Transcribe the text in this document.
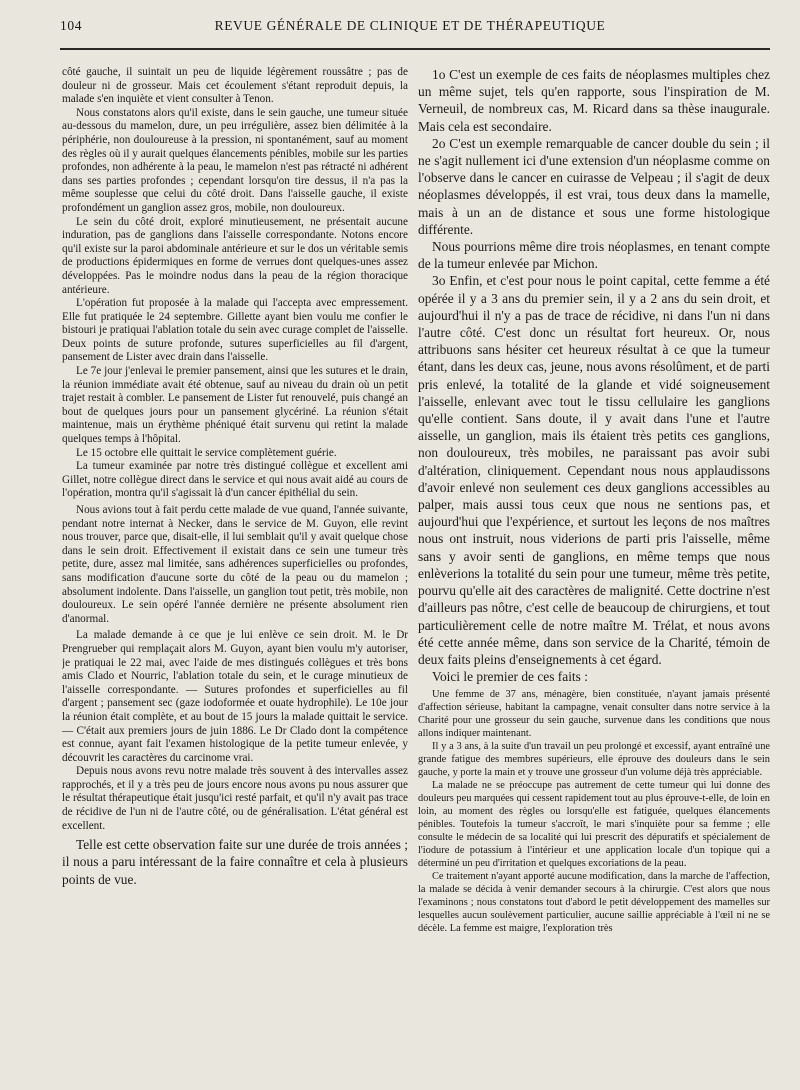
104	REVUE GÉNÉRALE DE CLINIQUE ET DE THÉRAPEUTIQUE

côté gauche, il suintait un peu de liquide légèrement roussâtre ; pas de douleur ni de grosseur. Mais cet écoulement s'étant reproduit depuis, la malade s'en inquiète et vient consulter à Tenon.

Nous constatons alors qu'il existe, dans le sein gauche, une tumeur située au-dessous du mamelon, dure, un peu irrégulière, assez bien délimitée à la périphérie, non douloureuse à la pression, ni spontanément, sauf au moment des règles où il y aurait quelques élancements pénibles, mobile sur les parties profondes, non adhérente à la peau, le mamelon n'est pas rétracté ni adhérent dans ses parties profondes ; cependant lorsqu'on tire dessus, il n'a pas la même souplesse que celui du côté droit. Dans l'aisselle gauche, il existe profondément un ganglion assez gros, mobile, non douloureux.

Le sein du côté droit, exploré minutieusement, ne présentait aucune induration, pas de ganglions dans l'aisselle correspondante. Notons encore qu'il existe sur la paroi abdominale antérieure et sur le dos un véritable semis de productions épidermiques en forme de verrues dont quelques-unes assez développées. Pas le moindre nodus dans la peau de la région thoracique antérieure.

L'opération fut proposée à la malade qui l'accepta avec empressement. Elle fut pratiquée le 24 septembre. Gillette ayant bien voulu me confier le bistouri je pratiquai l'ablation totale du sein avec curage complet de l'aisselle. Deux points de suture profonde, sutures superficielles au fil d'argent, pansement de Lister avec drain dans l'aisselle.

Le 7e jour j'enlevai le premier pansement, ainsi que les sutures et le drain, la réunion immédiate avait été obtenue, sauf au niveau du drain où un petit trajet restait à combler. Le pansement de Lister fut renouvelé, puis changé an bout de quelques jours pour un pansement glycériné. La réunion s'était maintenue, mais un érythème phéniqué était survenu qui retint la malade quelques temps à l'hôpital.

Le 15 octobre elle quittait le service complètement guérie.

La tumeur examinée par notre très distingué collègue et excellent ami Gillet, notre collègue direct dans le service et qui nous avait aidé au cours de l'opération, montra qu'il s'agissait là d'un cancer épithélial du sein.

Nous avions tout à fait perdu cette malade de vue quand, l'année suivante, pendant notre internat à Necker, dans le service de M. Guyon, elle revint nous trouver, parce que, disait-elle, il lui semblait qu'il y avait quelque chose dans le sein droit. Effectivement il existait dans ce sein une tumeur très petite, dure, assez mal limitée, sans adhérences superficielles ou profondes, sans modification d'aucune sorte du côté de la peau ou du mamelon ; absolument indolente. Dans l'aisselle, un ganglion tout petit, très mobile, non douloureux. Le sein opéré l'année dernière ne présente absolument rien d'anormal.

La malade demande à ce que je lui enlève ce sein droit. M. le Dr Prengrueber qui remplaçait alors M. Guyon, ayant bien voulu m'y autoriser, je pratiquai le 22 mai, avec l'aide de mes distingués collègues et très bons amis Clado et Nourric, l'ablation totale du sein, et le curage minutieux de l'aisselle correspondante. — Sutures profondes et superficielles au fil d'argent ; pansement sec (gaze iodoformée et ouate hydrophile). Le 10e jour la réunion était complète, et au bout de 15 jours la malade quittait le service. — C'était aux premiers jours de juin 1886. Le Dr Clado dont la compétence est connue, ayant fait l'examen histologique de la petite tumeur enlevée, y découvrit les caractères du carcinome vrai.

Depuis nous avons revu notre malade très souvent à des intervalles assez rapprochés, et il y a très peu de jours encore nous avons pu nous assurer que le résultat thérapeutique était jusqu'ici resté parfait, et qu'il n'y avait pas trace de récidive de l'un ni de l'autre côté, ou de généralisation. L'état général est excellent.

Telle est cette observation faite sur une durée de trois années ; il nous a paru intéressant de la faire connaître et cela à plusieurs points de vue.

1o C'est un exemple de ces faits de néoplasmes multiples chez un même sujet, tels qu'en rapporte, sous l'inspiration de M. Verneuil, de nombreux cas, M. Ricard dans sa thèse inaugurale. Mais cela est secondaire.

2o C'est un exemple remarquable de cancer double du sein ; il ne s'agit nullement ici d'une extension d'un néoplasme comme on l'observe dans le cancer en cuirasse de Velpeau ; il s'agit de deux néoplasmes développés, il est vrai, tous deux dans la mamelle, mais à un an de distance et sous une forme histologique différente.

Nous pourrions même dire trois néoplasmes, en tenant compte de la tumeur enlevée par Michon.

3o Enfin, et c'est pour nous le point capital, cette femme a été opérée il y a 3 ans du premier sein, il y a 2 ans du sein droit, et aujourd'hui il n'y a pas de trace de récidive, ni dans l'un ni dans l'autre côté. C'est donc un résultat fort heureux. Or, nous attribuons sans hésiter cet heureux résultat à ce que la tumeur étant, dans les deux cas, jeune, nous avons résolûment, et de parti pris enlevé, la totalité de la glande et vidé soigneusement l'aisselle, enlevant avec tout le tissu cellulaire les ganglions qu'elle contient. Sans doute, il y avait dans l'une et l'autre aisselle, un ganglion, mais ils étaient très petits ces ganglions, non douloureux, très mobiles, ne paraissant pas avoir subi d'altération, cliniquement. Cependant nous nous applaudissons d'avoir enlevé non seulement ces deux ganglions accessibles au palper, mais aussi tous ceux que nous ne sentions pas, et aujourd'hui que l'expérience, et surtout les leçons de nos maîtres nous ont instruit, nous viderions de parti pris l'aisselle, même sans y avoir senti de ganglions, en même temps que nous enlèverions la totalité du sein pour une tumeur, même très petite, pourvu qu'elle ait des caractères de malignité. Cette doctrine n'est d'ailleurs pas nôtre, c'est celle de beaucoup de chirurgiens, et tout particulièrement celle de notre maître M. Trélat, et nous avons été cette année même, dans son service de la Charité, témoin de deux faits pleins d'enseignements à cet égard.

Voici le premier de ces faits :

Une femme de 37 ans, ménagère, bien constituée, n'ayant jamais présenté d'affection sérieuse, habitant la campagne, venait consulter dans notre service à la Charité pour une grosseur du sein gauche, survenue dans les conditions que nous allons indiquer maintenant.

Il y a 3 ans, à la suite d'un travail un peu prolongé et excessif, ayant entraîné une grande fatigue des membres supérieurs, elle éprouve des douleurs dans le sein gauche, y porte la main et y trouve une grosseur d'un volume déjà très appréciable.

La malade ne se préoccupe pas autrement de cette tumeur qui lui donne des douleurs peu marquées qui cessent rapidement tout au plus éprouve-t-elle, de loin en loin, au moment des règles ou lorsqu'elle est fatiguée, quelques élancements pénibles. Toutefois la tumeur s'accroît, le mari s'inquiète pour sa femme ; elle consulte le médecin de sa localité qui lui prescrit des dépuratifs et spécialement de l'iodure de potassium à l'intérieur et une application locale d'un topique qui a déterminé un peu d'irritation et quelques excoriations de la peau.

Ce traitement n'ayant apporté aucune modification, dans la marche de l'affection, la malade se décida à venir demander secours à la chirurgie. C'est alors que nous l'examinons ; nous constatons tout d'abord le petit développement des mamelles sur lesquelles aucun soulèvement particulier, aucune saillie appréciable à l'œil ni ne se décèle. La femme est maigre, l'exploration très
